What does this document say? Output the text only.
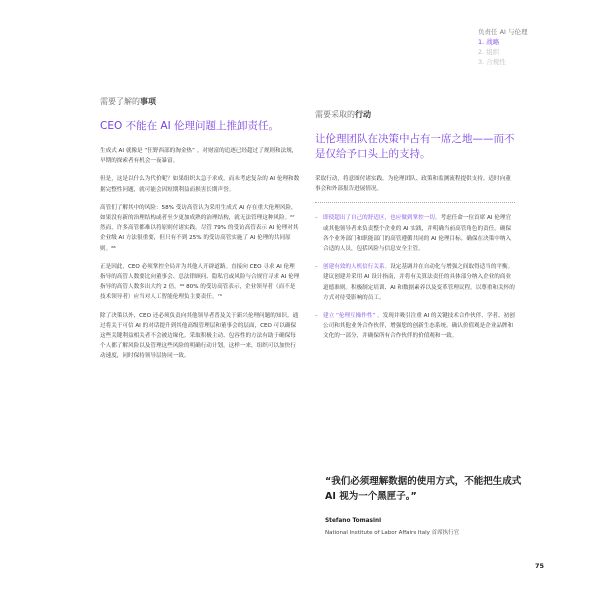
负责任 AI 与伦理
1. 战略
2. 组织
3. 合规性
需要了解的事项
CEO 不能在 AI 伦理问题上推卸责任。

生成式 AI 就像是 “狂野西部的淘金热” 。对财富的追逐已经超过了规则和法规，早期的探索者有机会一夜暴富。

但是，这是以什么为代价呢？如果组织太急于求成，而未考虑复杂的 AI 伦理和数据完整性问题，就可能会因短期利益而损害长期声誉。

高管们了解其中的风险：58% 受访高管认为采用生成式 AI 存在重大伦理风险，如果没有新的治理结构或者至少更加成熟的治理结构，就无法管理这种风险。⁶⁷ 然而，许多高管都难以将原则付诸实践。尽管 79% 的受访高管表示 AI 伦理对其企业级 AI 方法很重要，但只有不到 25% 的受访高管实施了 AI 伦理的共同原则。⁶⁸

正是因此，CEO 必须掌控全局并为其他人开辟道路。直接向 CEO 寻求 AI 伦理指导的高管人数要比向董事会、总法律顾问、隐私官或风险与合规官寻求 AI 伦理指导的高管人数多出大约 2 倍。⁶⁹ 80% 的受访高管表示，企业领导者（而不是技术领导者）应当对人工智能伦理负主要责任。⁷⁰

除了决策以外，CEO 还必须负责向其他领导者普及关于新兴伦理问题的知识。通过将关于可信 AI 的对话提升到其他高级管理层和董事会的层面，CEO 可以确保这些关键利益相关者不会被边缘化。采取积极主动、包容性的方法有助于确保每个人都了解风险以及管理这些风险的明确行动计划。这样一来，组织可以加快行动速度，同时保持领导层协同一致。

需要采取的行动
让伦理团队在决策中占有一席之地——而不是仅给予口头上的支持。

采取行动，将意图付诸实践。为伦理团队、政策和监测流程提供支持。适时向董事会和外部报告进展情况。

– 即使超出了自己的舒适区，也应做到掌控一切。考虑任命一位首席 AI 伦理官或其他领导者来负责整个企业的 AI 实践，并明确当前高管角色的责任。确保各个业务部门和职能部门的高管遵循共同的 AI 伦理目标。确保在决策中纳入合适的人员，包括风险与信息安全主管。
– 创建有效的人机信行关系。设定基调并在自动化与增强之间取得适当的平衡。建议创建并采用 AI 设计指南，并将有关算法责任的具体部分纳入企业的商业道德准则。积极制定培训、AI 和数据素养以及变革管理议程。以尊重和关怀的方式对待受影响的员工。
– 建立 “伦理互操作性” 。发现并吸引注重 AI 的关键技术合作伙伴、学者、初创公司和其他业务合作伙伴，增强您的创新生态系统。确认价值观是企业品牌和文化的一部分，并确保所有合作伙伴的价值观和一致。
“我们必须理解数据的使用方式，不能把生成式 AI 视为一个黑匣子。”
Stefano Tomasini
National Institute of Labor Affairs Italy 首席执行官
75
